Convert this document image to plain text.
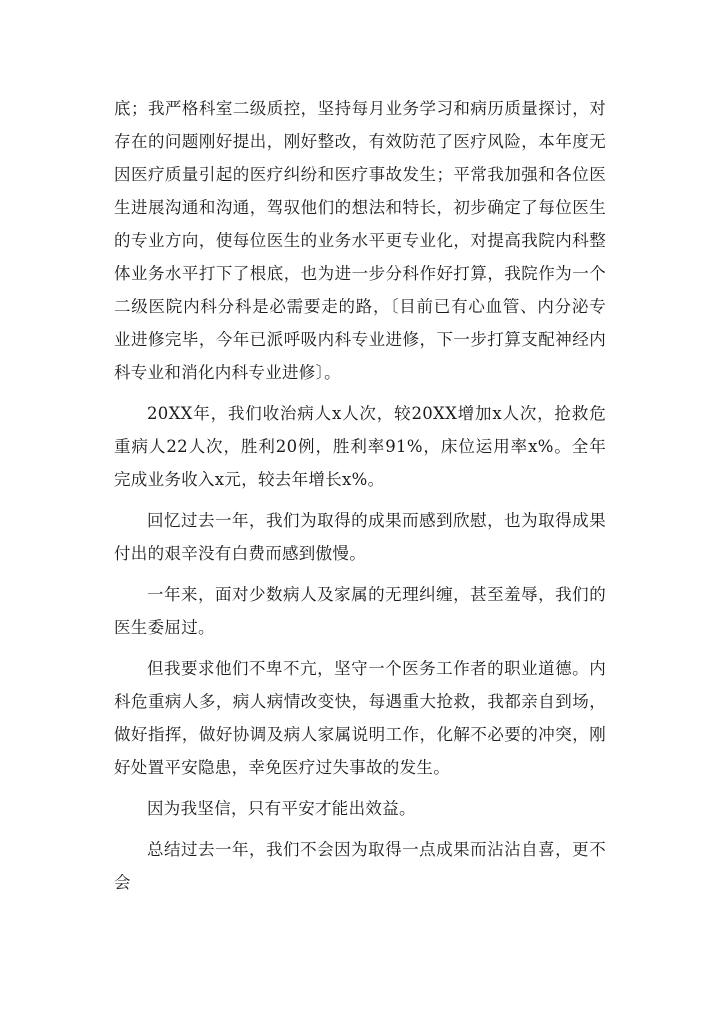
底；我严格科室二级质控，坚持每月业务学习和病历质量探讨，对存在的问题刚好提出，刚好整改，有效防范了医疗风险，本年度无因医疗质量引起的医疗纠纷和医疗事故发生；平常我加强和各位医生进展沟通和沟通，驾驭他们的想法和特长，初步确定了每位医生的专业方向，使每位医生的业务水平更专业化，对提高我院内科整体业务水平打下了根底，也为进一步分科作好打算，我院作为一个二级医院内科分科是必需要走的路，〔目前已有心血管、内分泌专业进修完毕，今年已派呼吸内科专业进修，下一步打算支配神经内科专业和消化内科专业进修〕。

20XX年，我们收治病人x人次，较20XX增加x人次，抢救危重病人22人次，胜利20例，胜利率91%，床位运用率x%。全年完成业务收入x元，较去年增长x%。

回忆过去一年，我们为取得的成果而感到欣慰，也为取得成果付出的艰辛没有白费而感到傲慢。

一年来，面对少数病人及家属的无理纠缠，甚至羞辱，我们的医生委屈过。

但我要求他们不卑不亢，坚守一个医务工作者的职业道德。内科危重病人多，病人病情改变快，每遇重大抢救，我都亲自到场，做好指挥，做好协调及病人家属说明工作，化解不必要的冲突，刚好处置平安隐患，幸免医疗过失事故的发生。

因为我坚信，只有平安才能出效益。

总结过去一年，我们不会因为取得一点成果而沾沾自喜，更不会
